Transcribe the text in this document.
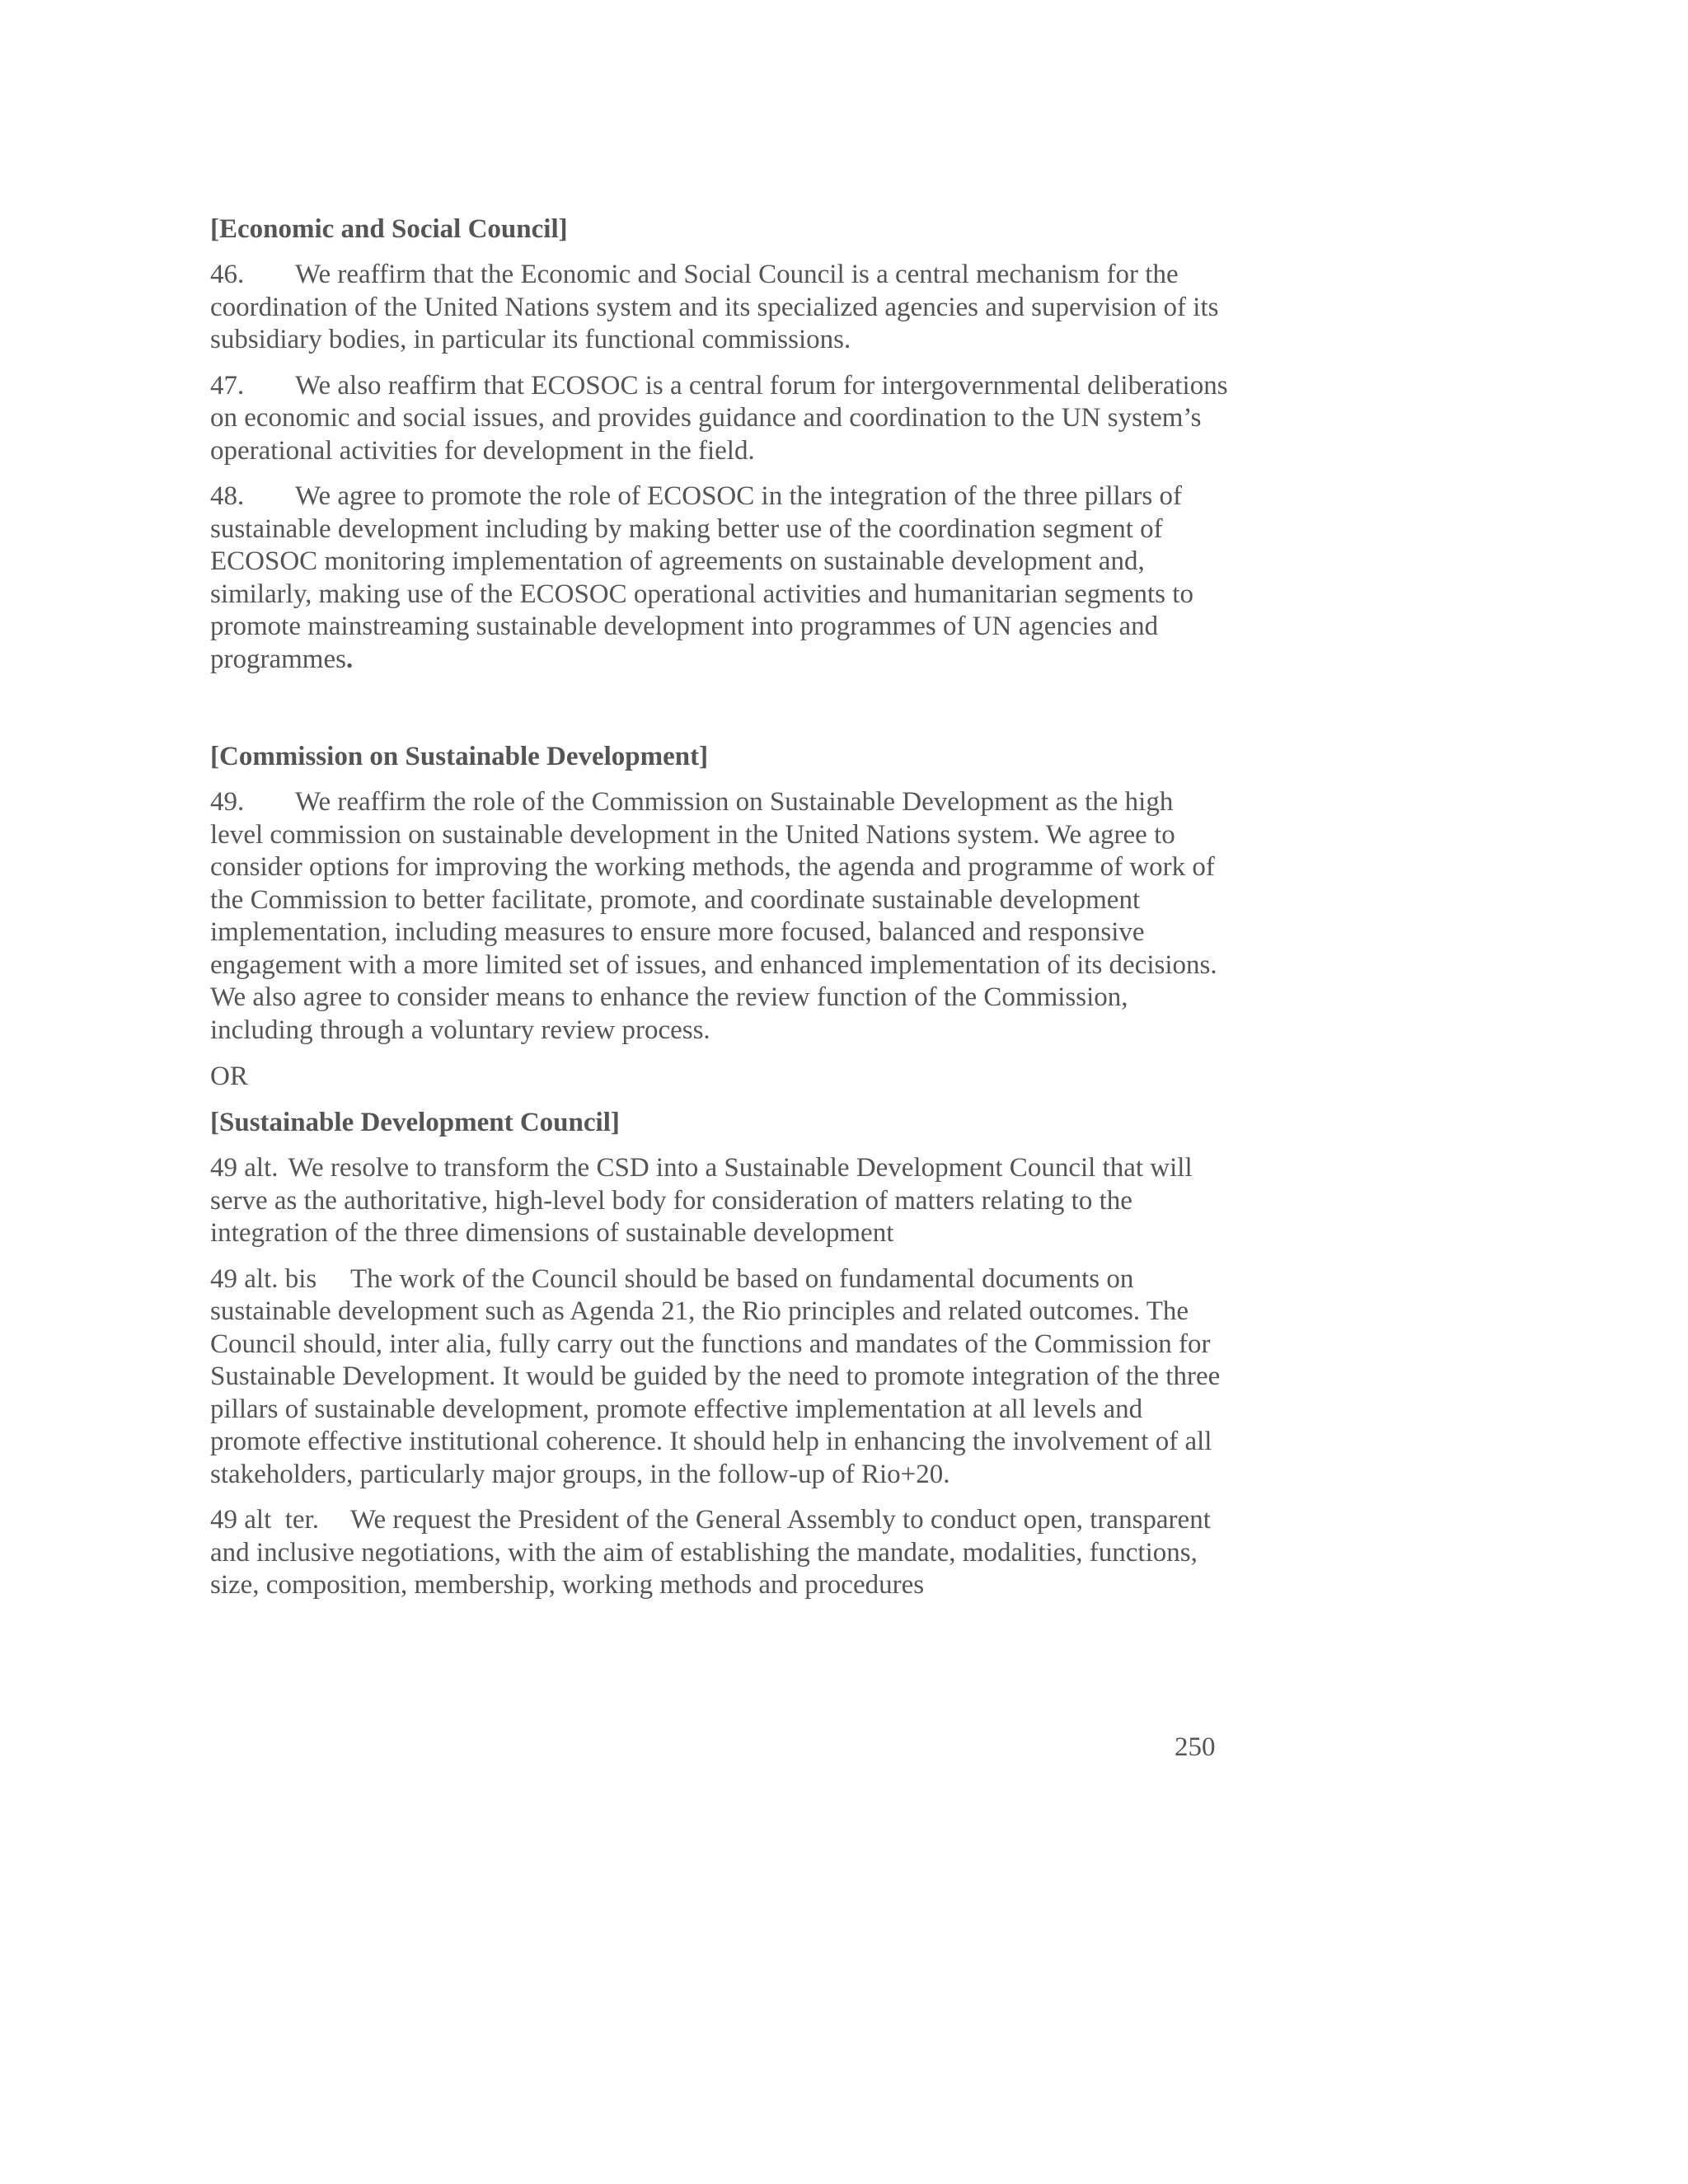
[Economic and Social Council]
46. We reaffirm that the Economic and Social Council is a central mechanism for the coordination of the United Nations system and its specialized agencies and supervision of its subsidiary bodies, in particular its functional commissions.
47. We also reaffirm that ECOSOC is a central forum for intergovernmental deliberations on economic and social issues, and provides guidance and coordination to the UN system’s operational activities for development in the field.
48. We agree to promote the role of ECOSOC in the integration of the three pillars of sustainable development including by making better use of the coordination segment of ECOSOC monitoring implementation of agreements on sustainable development and, similarly, making use of the ECOSOC operational activities and humanitarian segments to promote mainstreaming sustainable development into programmes of UN agencies and programmes.
[Commission on Sustainable Development]
49. We reaffirm the role of the Commission on Sustainable Development as the high level commission on sustainable development in the United Nations system. We agree to consider options for improving the working methods, the agenda and programme of work of the Commission to better facilitate, promote, and coordinate sustainable development implementation, including measures to ensure more focused, balanced and responsive engagement with a more limited set of issues, and enhanced implementation of its decisions. We also agree to consider means to enhance the review function of the Commission, including through a voluntary review process.
OR
[Sustainable Development Council]
49 alt. We resolve to transform the CSD into a Sustainable Development Council that will serve as the authoritative, high-level body for consideration of matters relating to the integration of the three dimensions of sustainable development
49 alt. bis The work of the Council should be based on fundamental documents on sustainable development such as Agenda 21, the Rio principles and related outcomes. The Council should, inter alia, fully carry out the functions and mandates of the Commission for Sustainable Development. It would be guided by the need to promote integration of the three pillars of sustainable development, promote effective implementation at all levels and promote effective institutional coherence. It should help in enhancing the involvement of all stakeholders, particularly major groups, in the follow-up of Rio+20.
49 alt  ter. We request the President of the General Assembly to conduct open, transparent and inclusive negotiations, with the aim of establishing the mandate, modalities, functions, size, composition, membership, working methods and procedures
250
